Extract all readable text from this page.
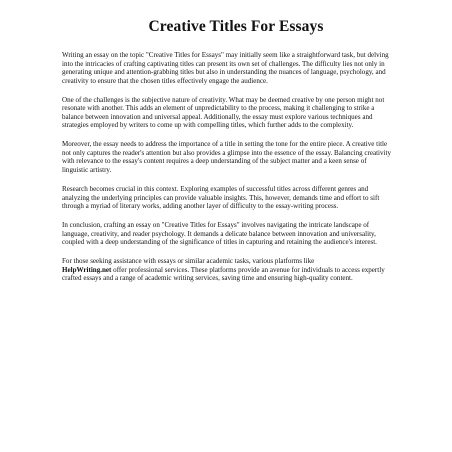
Creative Titles For Essays

Writing an essay on the topic "Creative Titles for Essays" may initially seem like a straightforward task, but delving into the intricacies of crafting captivating titles can present its own set of challenges. The difficulty lies not only in generating unique and attention-grabbing titles but also in understanding the nuances of language, psychology, and creativity to ensure that the chosen titles effectively engage the audience.

One of the challenges is the subjective nature of creativity. What may be deemed creative by one person might not resonate with another. This adds an element of unpredictability to the process, making it challenging to strike a balance between innovation and universal appeal. Additionally, the essay must explore various techniques and strategies employed by writers to come up with compelling titles, which further adds to the complexity.

Moreover, the essay needs to address the importance of a title in setting the tone for the entire piece. A creative title not only captures the reader's attention but also provides a glimpse into the essence of the essay. Balancing creativity with relevance to the essay's content requires a deep understanding of the subject matter and a keen sense of linguistic artistry.

Research becomes crucial in this context. Exploring examples of successful titles across different genres and analyzing the underlying principles can provide valuable insights. This, however, demands time and effort to sift through a myriad of literary works, adding another layer of difficulty to the essay-writing process.

In conclusion, crafting an essay on "Creative Titles for Essays" involves navigating the intricate landscape of language, creativity, and reader psychology. It demands a delicate balance between innovation and universality, coupled with a deep understanding of the significance of titles in capturing and retaining the audience's interest.

For those seeking assistance with essays or similar academic tasks, various platforms like
HelpWriting.net offer professional services. These platforms provide an avenue for individuals to access expertly crafted essays and a range of academic writing services, saving time and ensuring high-quality content.
